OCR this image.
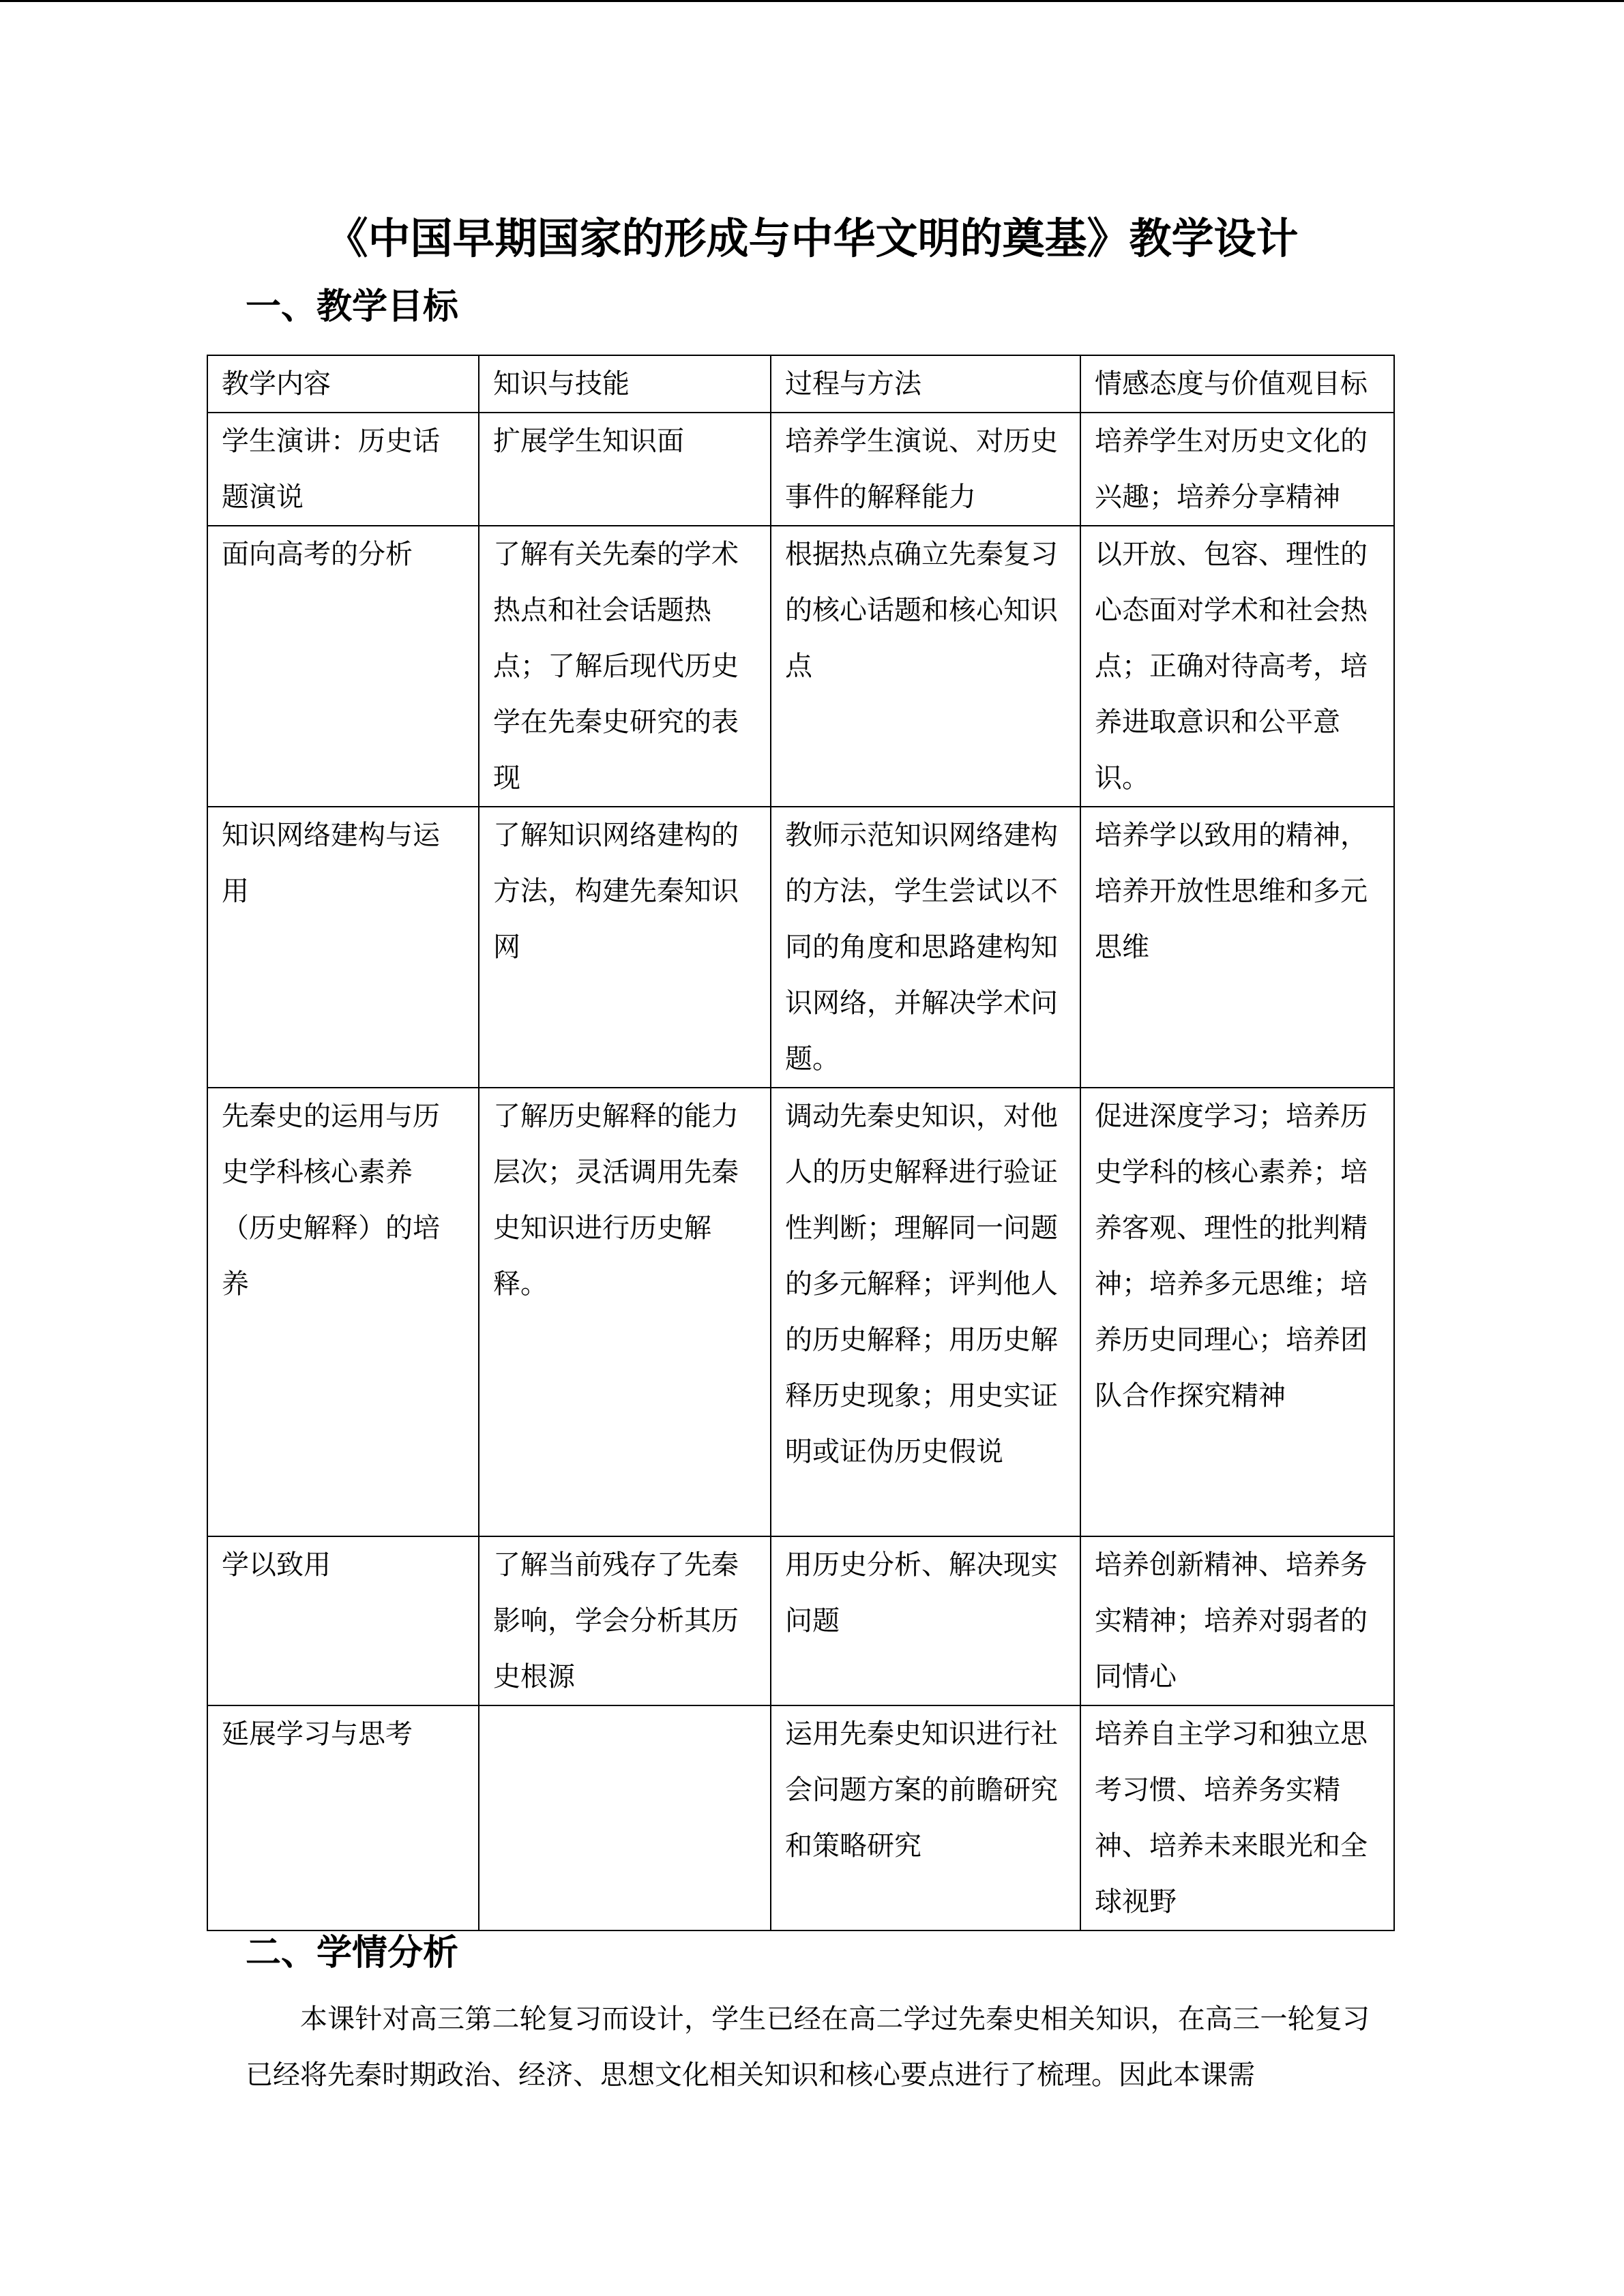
《中国早期国家的形成与中华文明的奠基》教学设计
一、教学目标
教学内容	知识与技能	过程与方法	情感态度与价值观目标
学生演讲：历史话题演说	扩展学生知识面	培养学生演说、对历史事件的解释能力	培养学生对历史文化的兴趣；培养分享精神
面向高考的分析	了解有关先秦的学术热点和社会话题热点；了解后现代历史学在先秦史研究的表现	根据热点确立先秦复习的核心话题和核心知识点	以开放、包容、理性的心态面对学术和社会热点；正确对待高考，培养进取意识和公平意识。
知识网络建构与运用	了解知识网络建构的方法，构建先秦知识网	教师示范知识网络建构的方法，学生尝试以不同的角度和思路建构知识网络，并解决学术问题。	培养学以致用的精神，培养开放性思维和多元思维
先秦史的运用与历史学科核心素养（历史解释）的培养	了解历史解释的能力层次；灵活调用先秦史知识进行历史解释。	调动先秦史知识，对他人的历史解释进行验证性判断；理解同一问题的多元解释；评判他人的历史解释；用历史解释历史现象；用史实证明或证伪历史假说	促进深度学习；培养历史学科的核心素养；培养客观、理性的批判精神；培养多元思维；培养历史同理心；培养团队合作探究精神
学以致用	了解当前残存了先秦影响，学会分析其历史根源	用历史分析、解决现实问题	培养创新精神、培养务实精神；培养对弱者的同情心
延展学习与思考		运用先秦史知识进行社会问题方案的前瞻研究和策略研究	培养自主学习和独立思考习惯、培养务实精神、培养未来眼光和全球视野
二、学情分析

本课针对高三第二轮复习而设计，学生已经在高二学过先秦史相关知识，在高三一轮复习已经将先秦时期政治、经济、思想文化相关知识和核心要点进行了梳理。因此本课需
